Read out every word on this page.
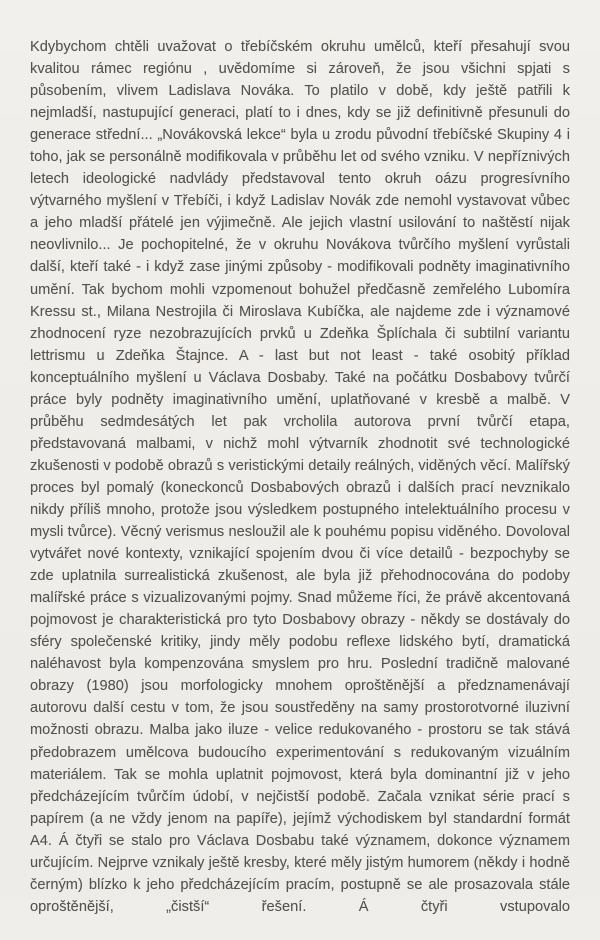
Kdybychom chtěli uvažovat o třebíčském okruhu umělců, kteří přesahují svou kvalitou rámec regiónu , uvědomíme si zároveň, že jsou všichni spjati s působením, vlivem Ladislava Nováka. To platilo v době, kdy ještě patřili k nejmladší, nastupující generaci, platí to i dnes, kdy se již definitivně přesunuli do generace střední... „Novákovská lekce“ byla u zrodu původní třebíčské Skupiny 4 i toho, jak se personálně modifikovala v průběhu let od svého vzniku. V nepříznivých letech ideologické nadvlády představoval tento okruh oázu progresívního výtvarného myšlení v Třebíči, i když Ladislav Novák zde nemohl vystavovat vůbec a jeho mladší přátelé jen výjimečně. Ale jejich vlastní usilování to naštěstí nijak neovlivnilo... Je pochopitelné, že v okruhu Novákova tvůrčího myšlení vyrůstali další, kteří také - i když zase jinými způsoby - modifikovali podněty imaginativního umění. Tak bychom mohli vzpomenout bohužel předčasně zemřelého Lubomíra Kressu st., Milana Nestrojila či Miroslava Kubíčka, ale najdeme zde i významové zhodnocení ryze nezobrazujících prvků u Zdeňka Šplíchala či subtilní variantu lettrismu u Zdeňka Štajnce. A - last but not least - také osobitý příklad konceptuálního myšlení u Václava Dosbaby. Také na počátku Dosbabovy tvůrčí práce byly podněty imaginativního umění, uplatňované v kresbě a malbě. V průběhu sedmdesátých let pak vrcholila autorova první tvůrčí etapa, představovaná malbami, v nichž mohl výtvarník zhodnotit své technologické zkušenosti v podobě obrazů s veristickými detaily reálných, viděných věcí. Malířský proces byl pomalý (koneckonců Dosbabových obrazů i dalších prací nevznikalo nikdy příliš mnoho, protože jsou výsledkem postupného intelektuálního procesu v mysli tvůrce). Věcný verismus nesloužil ale k pouhému popisu viděného. Dovoloval vytvářet nové kontexty, vznikající spojením dvou či více detailů - bezpochyby se zde uplatnila surrealistická zkušenost, ale byla již přehodnocována do podoby malířské práce s vizualizovanými pojmy. Snad můžeme říci, že právě akcentovaná pojmovost je charakteristická pro tyto Dosbabovy obrazy - někdy se dostávaly do sféry společenské kritiky, jindy měly podobu reflexe lidského bytí, dramatická naléhavost byla kompenzována smyslem pro hru. Poslední tradičně malované obrazy (1980) jsou morfologicky mnohem oproštěnější a předznamenávají autorovu další cestu v tom, že jsou soustředěny na samy prostorotvorné iluzivní možnosti obrazu. Malba jako iluze - velice redukovaného - prostoru se tak stává předobrazem umělcova budoucího experimentování s redukovaným vizuálním materiálem. Tak se mohla uplatnit pojmovost, která byla dominantní již v jeho předcházejícím tvůrčím údobí, v nejčistší podobě. Začala vznikat série prací s papírem (a ne vždy jenom na papíře), jejímž východiskem byl standardní formát A4. Á čtyři se stalo pro Václava Dosbabu také významem, dokonce významem určujícím. Nejprve vznikaly ještě kresby, které měly jistým humorem (někdy i hodně černým) blízko k jeho předcházejícím pracím, postupně se ale prosazovala stále oproštěnější, „čistší“ řešení. Á čtyři vstupovalo
